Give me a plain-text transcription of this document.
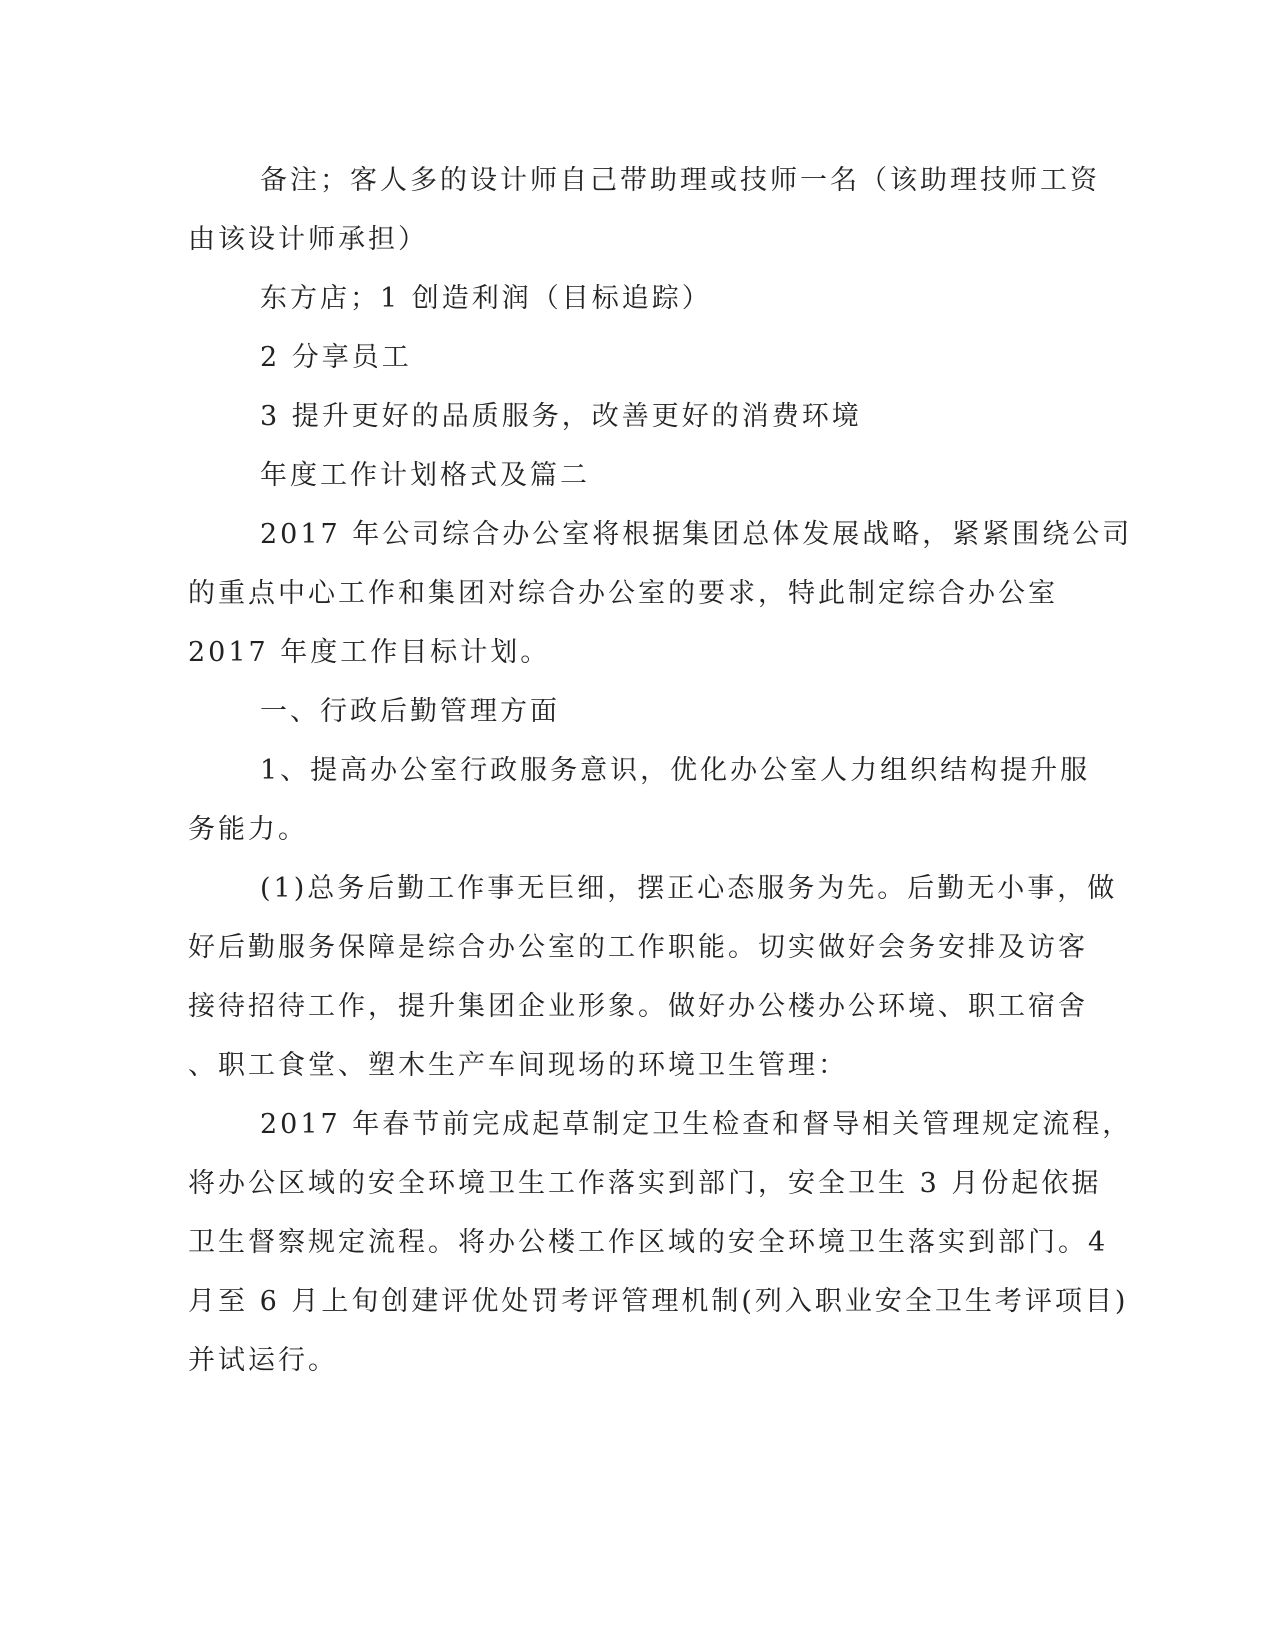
备注；客人多的设计师自己带助理或技师一名（该助理技师工资
由该设计师承担）
东方店；1 创造利润（目标追踪）
2 分享员工
3 提升更好的品质服务，改善更好的消费环境
年度工作计划格式及篇二
2017 年公司综合办公室将根据集团总体发展战略，紧紧围绕公司
的重点中心工作和集团对综合办公室的要求，特此制定综合办公室
2017 年度工作目标计划。
一、行政后勤管理方面
1、提高办公室行政服务意识，优化办公室人力组织结构提升服
务能力。
(1)总务后勤工作事无巨细，摆正心态服务为先。后勤无小事，做
好后勤服务保障是综合办公室的工作职能。切实做好会务安排及访客
接待招待工作，提升集团企业形象。做好办公楼办公环境、职工宿舍
、职工食堂、塑木生产车间现场的环境卫生管理：
2017 年春节前完成起草制定卫生检查和督导相关管理规定流程，
将办公区域的安全环境卫生工作落实到部门，安全卫生 3 月份起依据
卫生督察规定流程。将办公楼工作区域的安全环境卫生落实到部门。4
月至 6 月上旬创建评优处罚考评管理机制(列入职业安全卫生考评项目)
并试运行。
